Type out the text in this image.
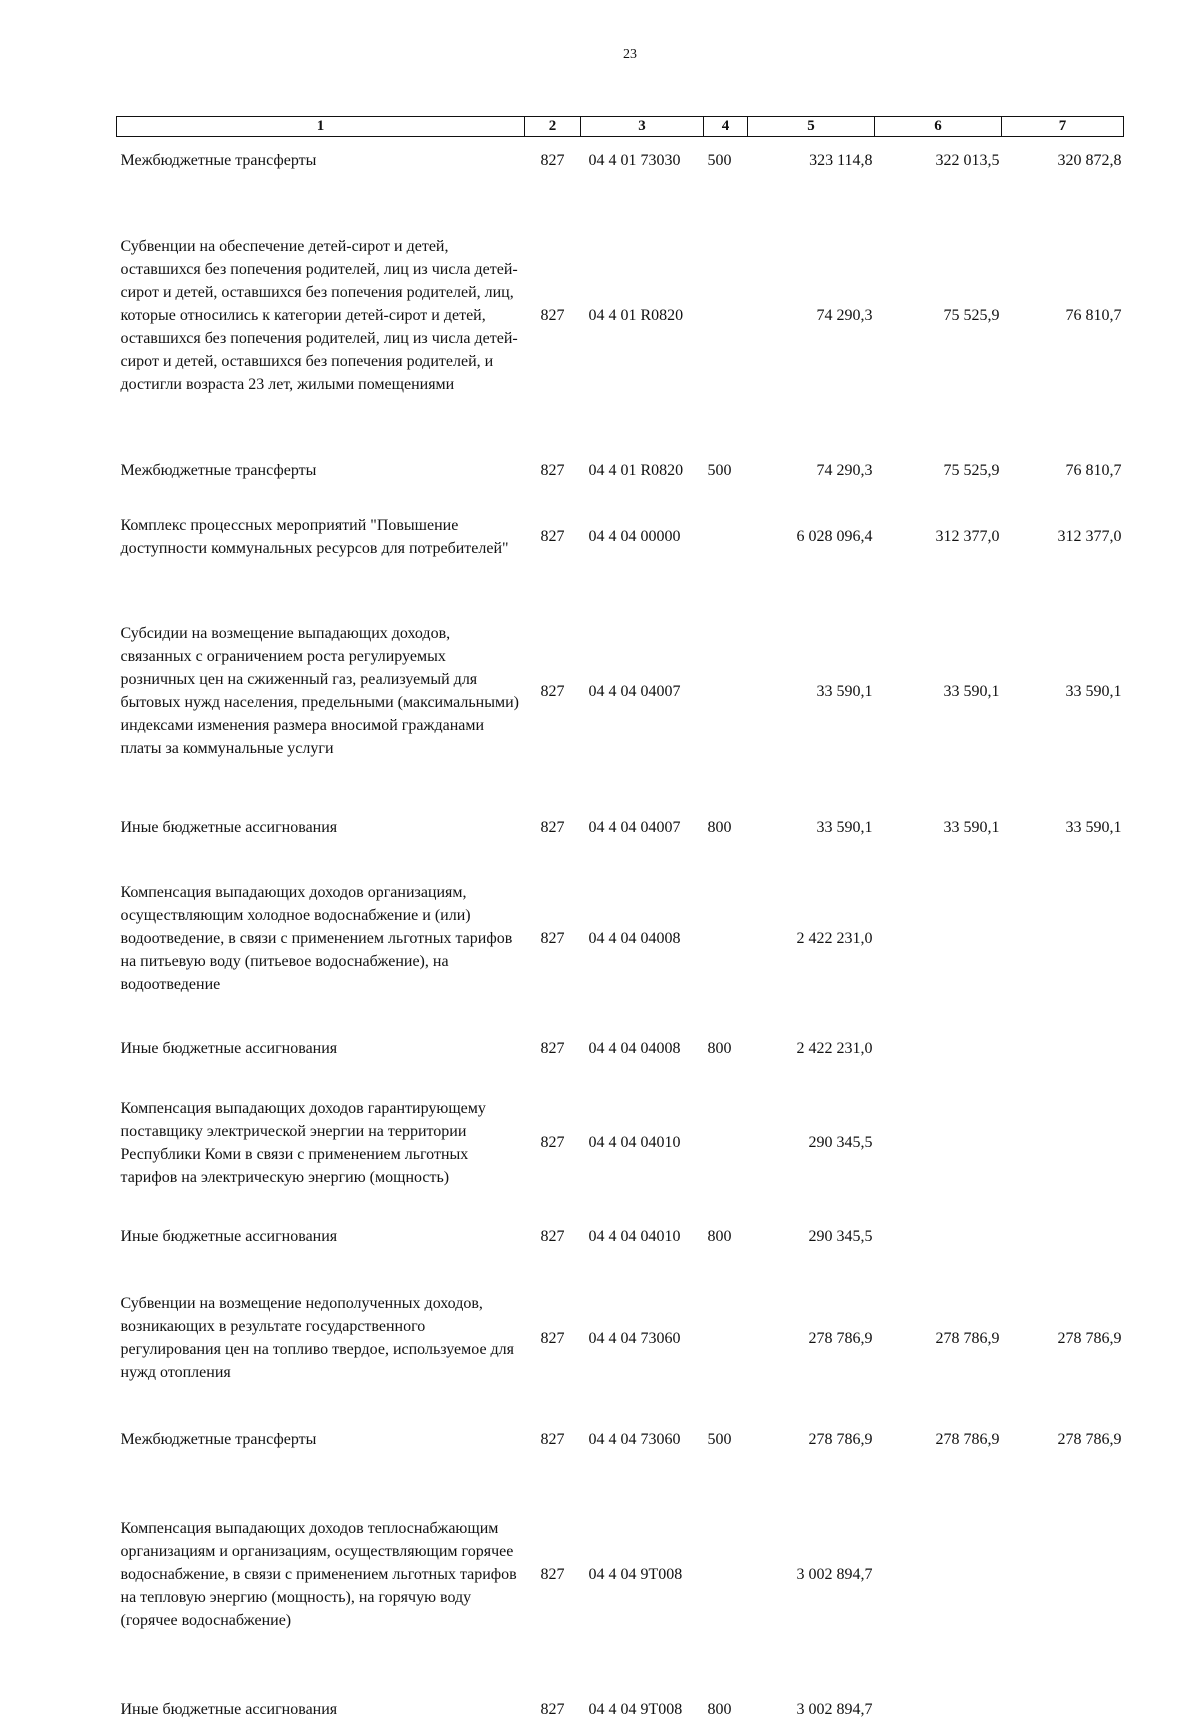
23
1	2	3	4	5	6	7
Межбюджетные трансферты	827	04 4 01 73030	500	323 114,8	322 013,5	320 872,8
Субвенции на обеспечение детей-сирот и детей, оставшихся без попечения родителей, лиц из числа детей-сирот и детей, оставшихся без попечения родителей, лиц, которые относились к категории детей-сирот и детей, оставшихся без попечения родителей, лиц из числа детей-сирот и детей, оставшихся без попечения родителей, и достигли возраста 23 лет, жилыми помещениями	827	04 4 01 R0820		74 290,3	75 525,9	76 810,7
Межбюджетные трансферты	827	04 4 01 R0820	500	74 290,3	75 525,9	76 810,7
Комплекс процессных мероприятий "Повышение доступности коммунальных ресурсов для потребителей"	827	04 4 04 00000		6 028 096,4	312 377,0	312 377,0
Субсидии на возмещение выпадающих доходов, связанных с ограничением роста регулируемых розничных цен на сжиженный газ, реализуемый для бытовых нужд населения, предельными (максимальными) индексами изменения размера вносимой гражданами платы за коммунальные услуги	827	04 4 04 04007		33 590,1	33 590,1	33 590,1
Иные бюджетные ассигнования	827	04 4 04 04007	800	33 590,1	33 590,1	33 590,1
Компенсация выпадающих доходов организациям, осуществляющим холодное водоснабжение и (или) водоотведение, в связи с применением льготных тарифов на питьевую воду (питьевое водоснабжение), на водоотведение	827	04 4 04 04008		2 422 231,0		
Иные бюджетные ассигнования	827	04 4 04 04008	800	2 422 231,0		
Компенсация выпадающих доходов гарантирующему поставщику электрической энергии на территории Республики Коми в связи с применением льготных тарифов на электрическую энергию (мощность)	827	04 4 04 04010		290 345,5		
Иные бюджетные ассигнования	827	04 4 04 04010	800	290 345,5		
Субвенции на возмещение недополученных доходов, возникающих в результате государственного регулирования цен на топливо твердое, используемое для нужд отопления	827	04 4 04 73060		278 786,9	278 786,9	278 786,9
Межбюджетные трансферты	827	04 4 04 73060	500	278 786,9	278 786,9	278 786,9
Компенсация выпадающих доходов теплоснабжающим организациям и организациям, осуществляющим горячее водоснабжение, в связи с применением льготных тарифов на тепловую энергию (мощность), на горячую воду (горячее водоснабжение)	827	04 4 04 9Т008		3 002 894,7		
Иные бюджетные ассигнования	827	04 4 04 9Т008	800	3 002 894,7		
